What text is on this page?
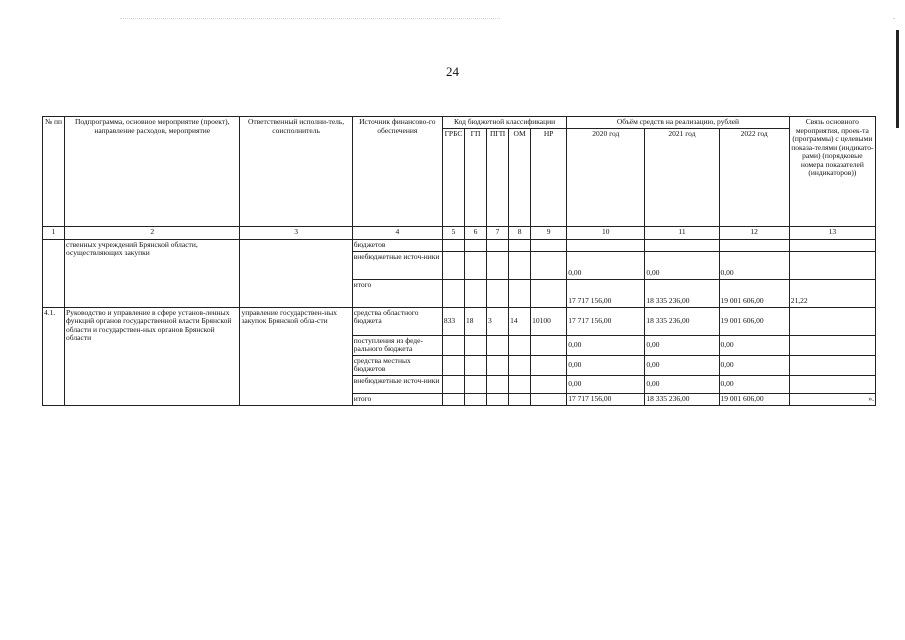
.
24
№ пп	Подпрограмма, основное мероприятие (проект), направление расходов, мероприятие	Ответственный исполни-тель, соисполнитель	Источник финансово-го обеспечения	Код бюджетной классификации					Объём средств на реализацию, рублей			Связь основного мероприятия, проек-та (программы) с целевыми показа-телями (индикато-рами) (порядковые номера показателей (индикаторов))
				ГРБС	ГП	ПГП	ОМ	НР	2020 год	2021 год	2022 год	
1	2	3	4	5	6	7	8	9	10	11	12	13
	ственных учреждений Брянской области, осуществляющих закупки		бюджетов									
			внебюджетные источ-ники						0,00	0,00	0,00	
			итого						17 717 156,00	18 335 236,00	19 001 606,00	21,22
4.1.	Руководство и управление в сфере установ-ленных функций органов государственной власти Брянской области и государствен-ных органов Брянской области	управление государствен-ных закупок Брянской обла-сти	средства областного бюджета	833	18	3	14	10100	17 717 156,00	18 335 236,00	19 001 606,00	
			поступления из феде-рального бюджета						0,00	0,00	0,00	
			средства местных бюджетов						0,00	0,00	0,00	
			внебюджетные источ-ники						0,00	0,00	0,00	
			итого						17 717 156,00	18 335 236,00	19 001 606,00	».
